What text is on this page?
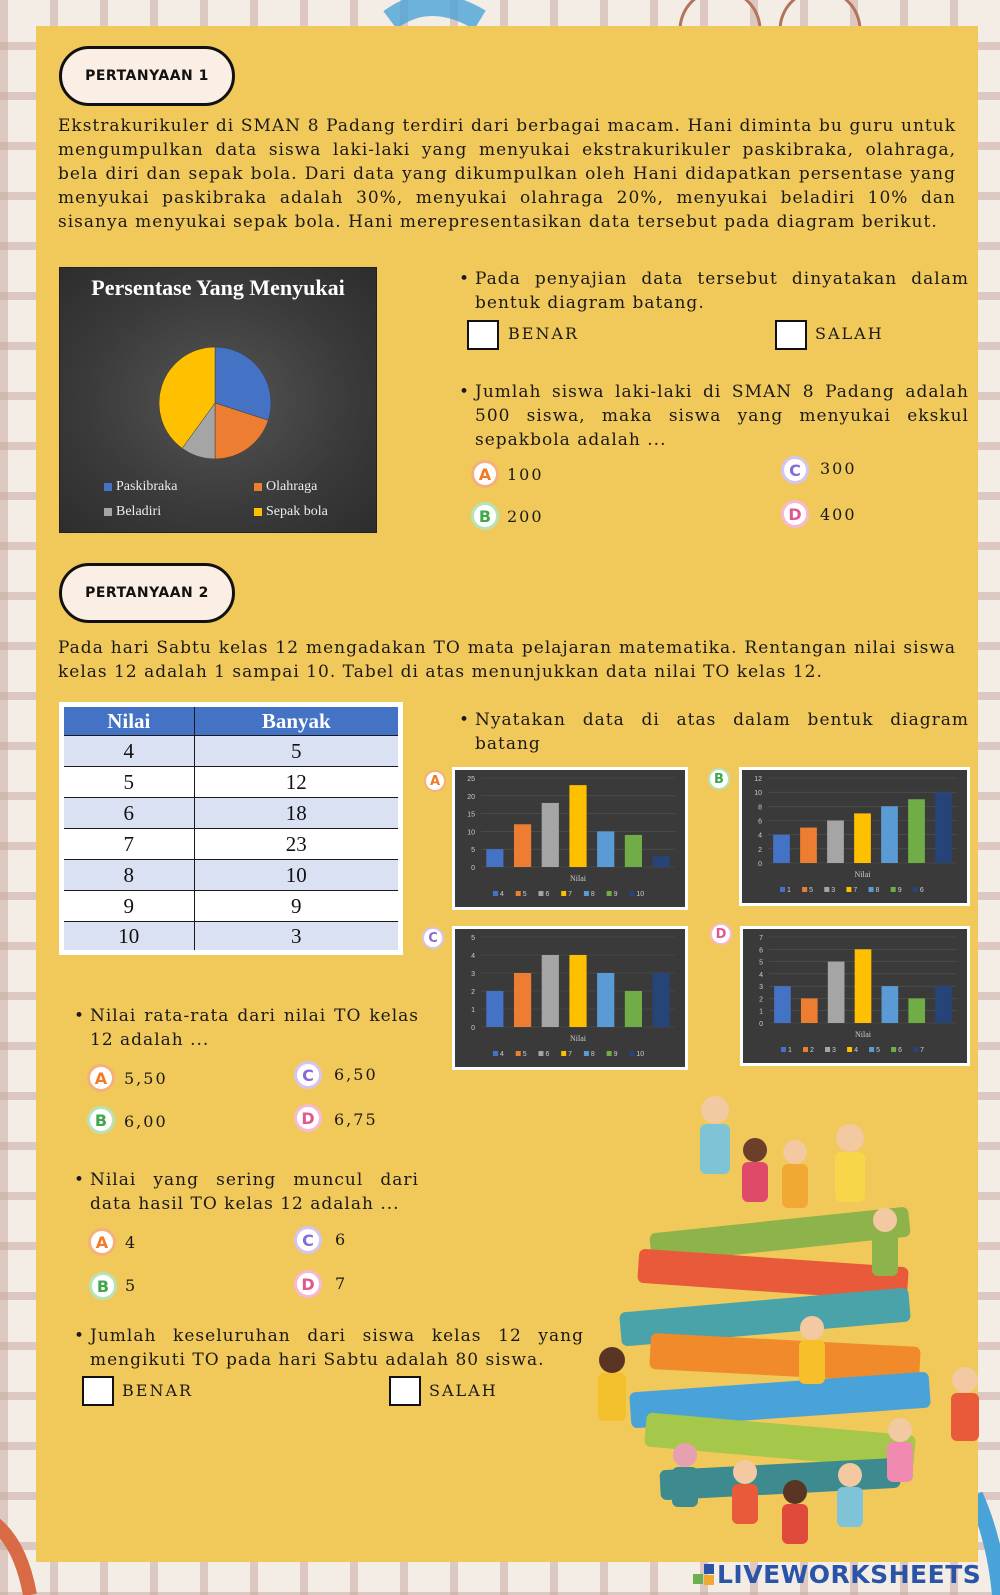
PERTANYAAN 1
Ekstrakurikuler di SMAN 8 Padang terdiri dari berbagai macam. Hani diminta bu guru untuk mengumpulkan data siswa laki-laki yang menyukai ekstrakurikuler paskibraka, olahraga, bela diri dan sepak bola. Dari data yang dikumpulkan oleh Hani didapatkan persentase yang menyukai paskibraka adalah 30%, menyukai olahraga 20%, menyukai beladiri 10% dan sisanya menyukai sepak bola. Hani merepresentasikan data tersebut pada diagram berikut.
Persentase Yang Menyukai
Paskibraka	Olahraga
Beladiri	Sepak bola
• Pada penyajian data tersebut dinyatakan dalam bentuk diagram batang.
BENAR	SALAH
• Jumlah siswa laki-laki di SMAN 8 Padang adalah 500 siswa, maka siswa yang menyukai ekskul sepakbola adalah ...
A 100	C	300
B 200	D	400
PERTANYAAN 2
Pada hari Sabtu kelas 12 mengadakan TO mata pelajaran matematika. Rentangan nilai siswa kelas 12 adalah 1 sampai 10. Tabel di atas menunjukkan data nilai TO kelas 12.
Nilai	Banyak
4	5
5	12
6	18
7	23
8	10
9	9
10	3
• Nyatakan data di atas dalam bentuk diagram batang
A	B
C	D
0
5
10
15
20
25
Nilai
4	5	6	7	8	9	10
0
2
4
6
8
10
12
Nilai
1	5	3	7	8	9	6
0
1
2
3
4
5
Nilai
4	5	6	7	8	9	10
0
1
2
3
4
5
6
7
Nilai
1	2	3	4	5	6	7
• Nilai rata-rata dari nilai TO kelas 12 adalah ...
A	5,50	C	6,50
B	6,00	D	6,75
• Nilai yang sering muncul dari data hasil TO kelas 12 adalah ...
A	4	C	6
B 5	D	7
• Jumlah keseluruhan dari siswa kelas 12 yang mengikuti TO pada hari Sabtu adalah 80 siswa.
BENAR	SALAH
LIVEWORKSHEETS
